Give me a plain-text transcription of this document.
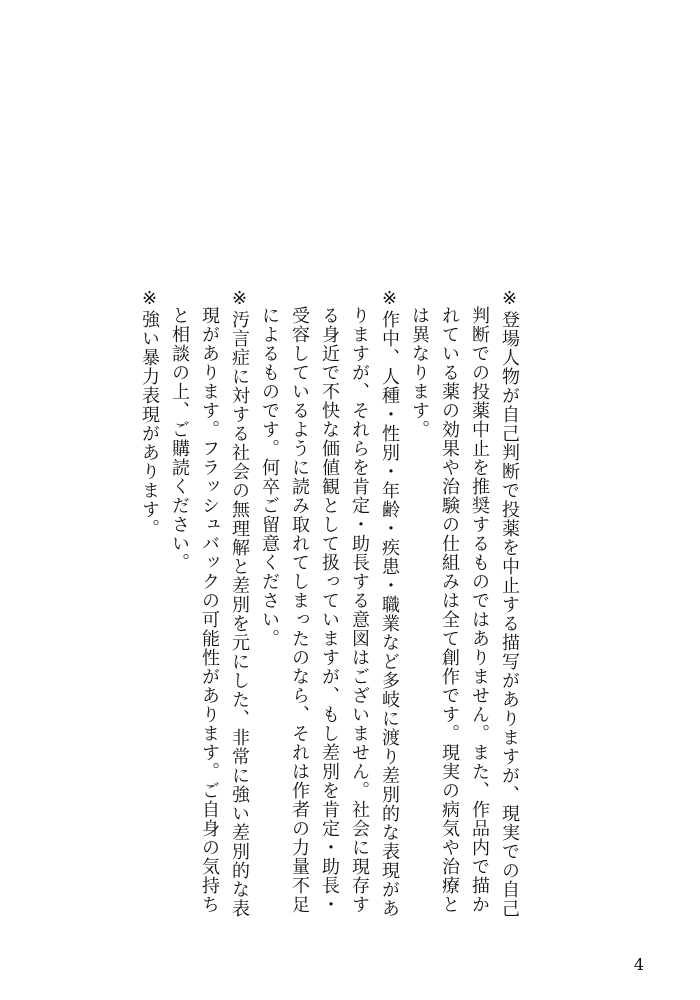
※登場人物が自己判断で投薬を中止する描写がありますが、現実での自己判断での投薬中止を推奨するものではありません。また、作品内で描かれている薬の効果や治験の仕組みは全て創作です。現実の病気や治療とは異なります。

※作中、人種・性別・年齢・疾患・職業など多岐に渡り差別的な表現がありますが、それらを肯定・助長する意図はございません。社会に現存する身近で不快な価値観として扱っていますが、もし差別を肯定・助長・受容しているように読み取れてしまったのなら、それは作者の力量不足によるものです。何卒ご留意ください。

※汚言症に対する社会の無理解と差別を元にした、非常に強い差別的な表現があります。フラッシュバックの可能性があります。ご自身の気持ちと相談の上、ご購読ください。

※強い暴力表現があります。

4
